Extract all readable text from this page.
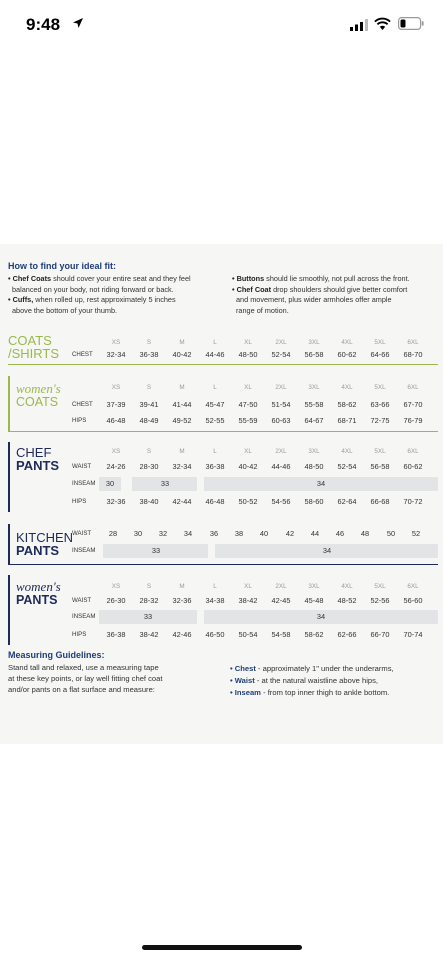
9:48
How to find your ideal fit:
• Chef Coats should cover your entire seat and they feel
balanced on your body, not riding forward or back.
• Cuffs, when rolled up, rest approximately 5 inches
above the bottom of your thumb.
• Buttons should lie smoothly, not pull across the front.
• Chef Coat drop shoulders should give better comfort
and movement, plus wider armholes offer ample
range of motion.
COATS
/SHIRTS CHEST
XS	S	M	L	XL	2XL	3XL	4XL	5XL	6XL
32-34	36-38	40-42	44-46	48-50	52-54	56-58	60-62	64-66	68-70
women's
COATS
XS	S	M	L	XL	2XL	3XL	4XL	5XL	6XL
CHEST	37-39	39-41	41-44	45-47	47-50	51-54	55-58	58-62	63-66	67-70
HIPS	46-48	48-49	49-52	52-55	55-59	60-63	64-67	68-71	72-75	76-79
CHEF
PANTS
XS	S	M	L	XL	2XL	3XL	4XL	5XL	6XL
WAIST	24-26	28-30	32-34	36-38	40-42	44-46	48-50	52-54	56-58	60-62
INSEAM	30	33	34
HIPS	32-36	38-40	42-44	46-48	50-52	54-56	58-60	62-64	66-68	70-72
KITCHEN
PANTS
WAIST	28	30	32	34	36	38	40	42	44	46	48	50	52
INSEAM	33	34
women's
PANTS
XS	S	M	L	XL	2XL	3XL	4XL	5XL	6XL
WAIST	26-30	28-32	32-36	34-38	38-42	42-45	45-48	48-52	52-56	56-60
INSEAM	33	34
HIPS	36-38	38-42	42-46	46-50	50-54	54-58	58-62	62-66	66-70	70-74
Measuring Guidelines:
Stand tall and relaxed, use a measuring tape
at these key points, or lay well fitting chef coat
and/or pants on a flat surface and measure:
• Chest - approximately 1" under the underarms,
• Waist - at the natural waistline above hips,
• Inseam - from top inner thigh to ankle bottom.
